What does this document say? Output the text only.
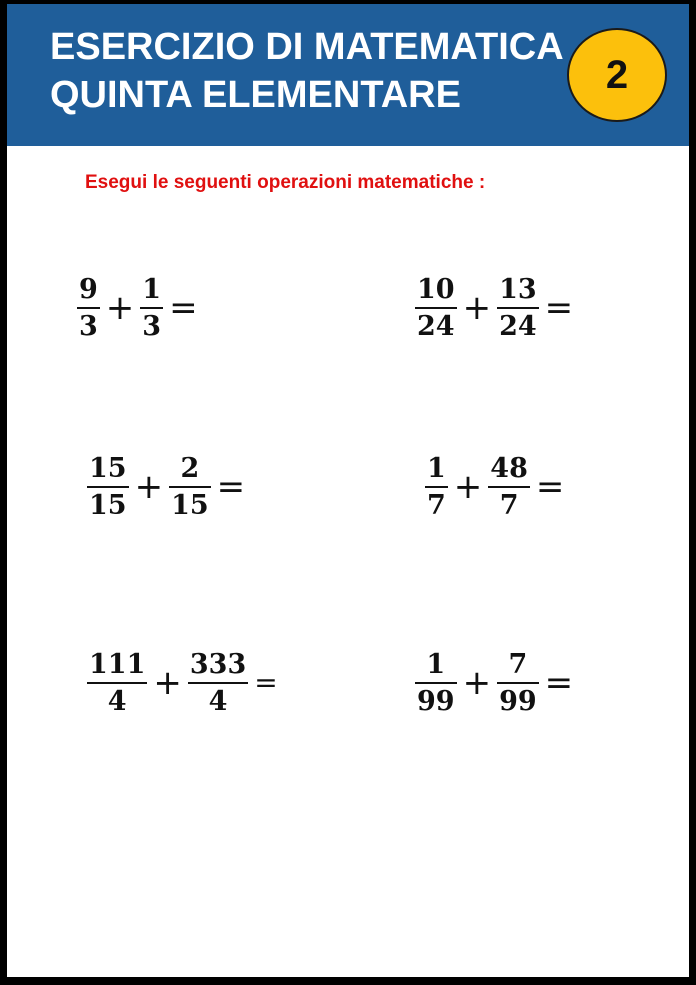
ESERCIZIO DI MATEMATICA
QUINTA ELEMENTARE	2
Esegui le seguenti operazioni matematiche :
$\frac{9}{3} + \frac{1}{3}$ =	$\frac{10}{24} + \frac{13}{24}$ =
$\frac{15}{15} + \frac{2}{15}$ =	$\frac{1}{7} + \frac{48}{7}$ =
$\frac{111}{4} + \frac{333}{4}$ =	$\frac{1}{99} + \frac{7}{99}$ =
